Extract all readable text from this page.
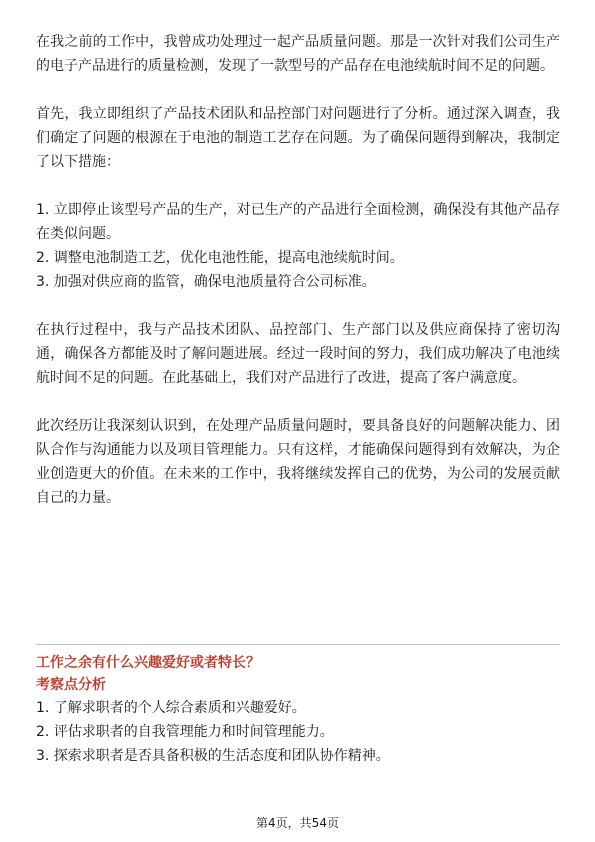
在我之前的工作中，我曾成功处理过一起产品质量问题。那是一次针对我们公司生产的电子产品进行的质量检测，发现了一款型号的产品存在电池续航时间不足的问题。

首先，我立即组织了产品技术团队和品控部门对问题进行了分析。通过深入调查，我们确定了问题的根源在于电池的制造工艺存在问题。为了确保问题得到解决，我制定了以下措施：

1. 立即停止该型号产品的生产，对已生产的产品进行全面检测，确保没有其他产品存在类似问题。

2. 调整电池制造工艺，优化电池性能，提高电池续航时间。

3. 加强对供应商的监管，确保电池质量符合公司标准。

在执行过程中，我与产品技术团队、品控部门、生产部门以及供应商保持了密切沟通，确保各方都能及时了解问题进展。经过一段时间的努力，我们成功解决了电池续航时间不足的问题。在此基础上，我们对产品进行了改进，提高了客户满意度。

此次经历让我深刻认识到，在处理产品质量问题时，要具备良好的问题解决能力、团队合作与沟通能力以及项目管理能力。只有这样，才能确保问题得到有效解决，为企业创造更大的价值。在未来的工作中，我将继续发挥自己的优势，为公司的发展贡献自己的力量。

工作之余有什么兴趣爱好或者特长？

考察点分析

1. 了解求职者的个人综合素质和兴趣爱好。

2. 评估求职者的自我管理能力和时间管理能力。

3. 探索求职者是否具备积极的生活态度和团队协作精神。

第4页，共54页
